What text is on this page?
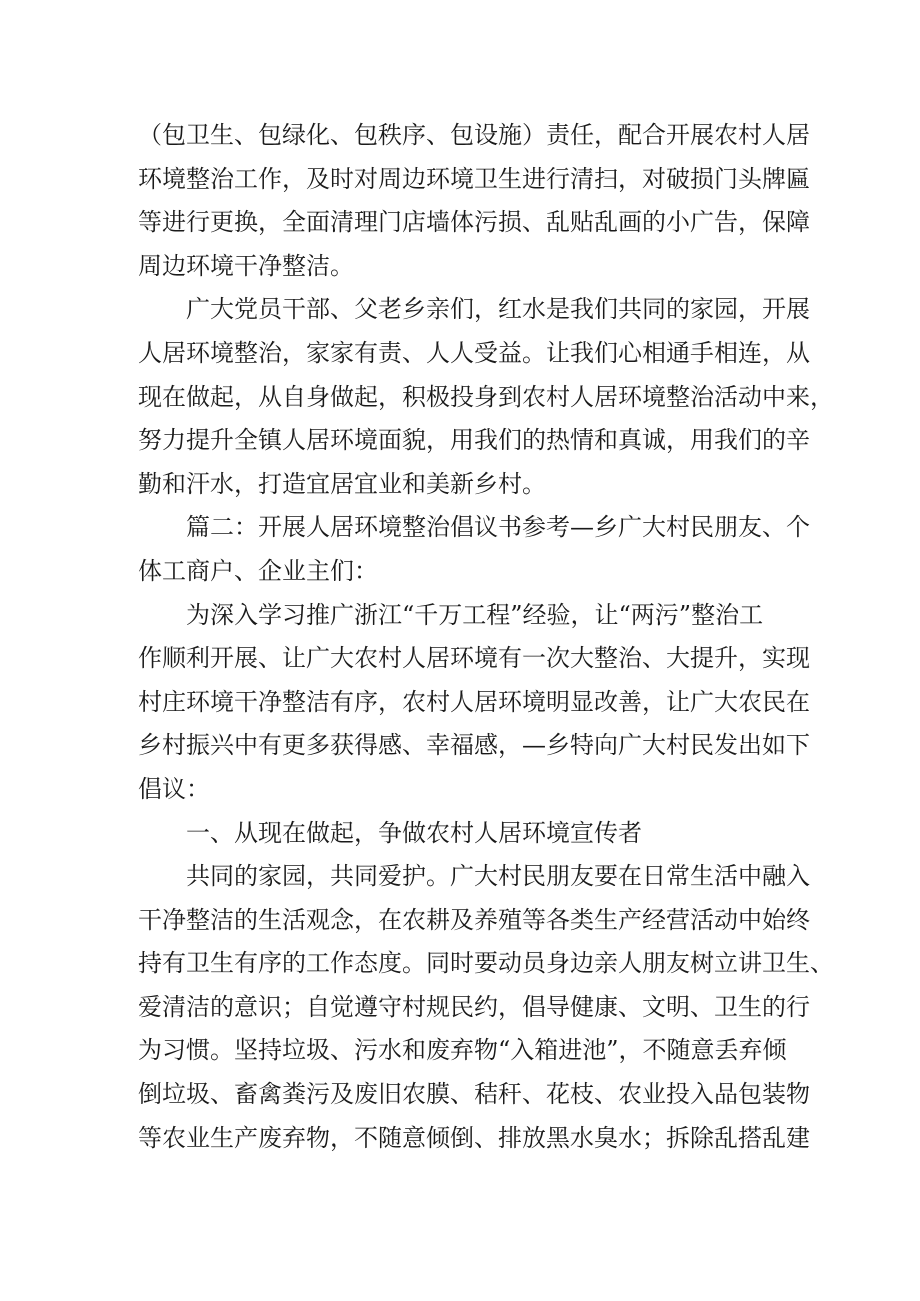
（包卫生、包绿化、包秩序、包设施）责任，配合开展农村人居
环境整治工作，及时对周边环境卫生进行清扫，对破损门头牌匾
等进行更换，全面清理门店墙体污损、乱贴乱画的小广告，保障
周边环境干净整洁。
　　广大党员干部、父老乡亲们，红水是我们共同的家园，开展
人居环境整治，家家有责、人人受益。让我们心相通手相连，从
现在做起，从自身做起，积极投身到农村人居环境整治活动中来，
努力提升全镇人居环境面貌，用我们的热情和真诚，用我们的辛
勤和汗水，打造宜居宜业和美新乡村。
　　篇二：开展人居环境整治倡议书参考—乡广大村民朋友、个
体工商户、企业主们：
　　为深入学习推广浙江“千万工程”经验，让“两污”整治工
作顺利开展、让广大农村人居环境有一次大整治、大提升，实现
村庄环境干净整洁有序，农村人居环境明显改善，让广大农民在
乡村振兴中有更多获得感、幸福感，—乡特向广大村民发出如下
倡议：
　　一、从现在做起，争做农村人居环境宣传者
　　共同的家园，共同爱护。广大村民朋友要在日常生活中融入
干净整洁的生活观念，在农耕及养殖等各类生产经营活动中始终
持有卫生有序的工作态度。同时要动员身边亲人朋友树立讲卫生、
爱清洁的意识；自觉遵守村规民约，倡导健康、文明、卫生的行
为习惯。坚持垃圾、污水和废弃物“入箱进池”，不随意丢弃倾
倒垃圾、畜禽粪污及废旧农膜、秸秆、花枝、农业投入品包装物
等农业生产废弃物，不随意倾倒、排放黑水臭水；拆除乱搭乱建
